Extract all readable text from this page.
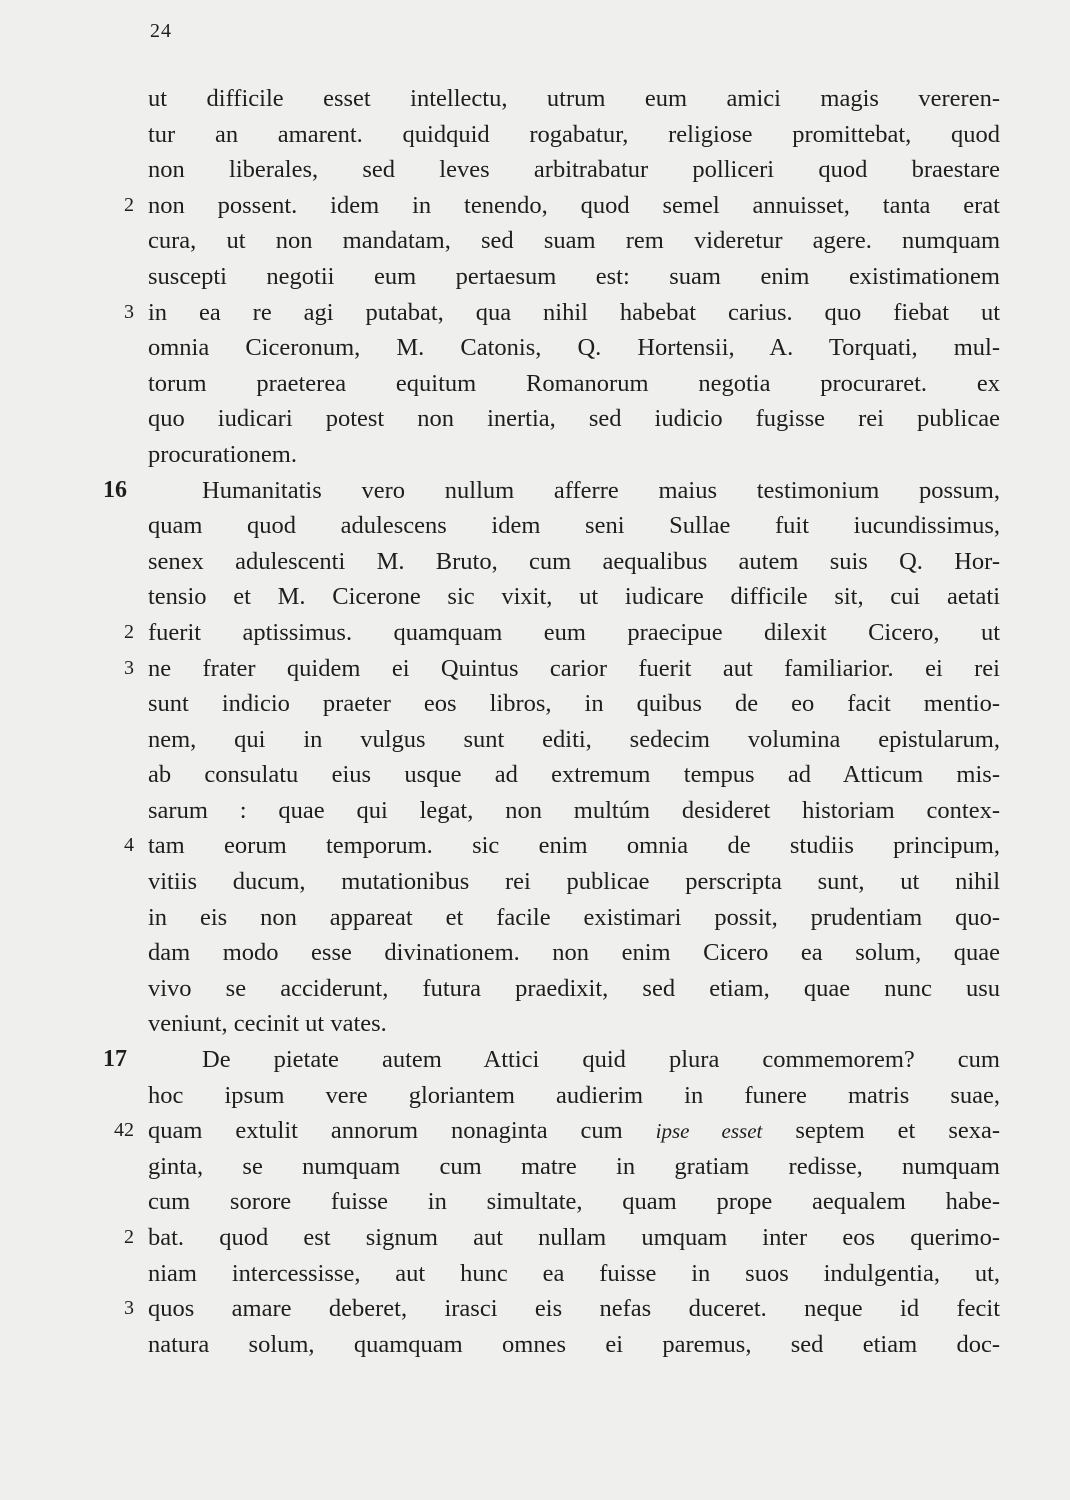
24
ut difficile esset intellectu, utrum eum amici magis vereren-
tur an amarent. quidquid rogabatur, religiose promittebat, quod
non liberales, sed leves arbitrabatur polliceri quod braestare
2 non possent. idem in tenendo, quod semel annuisset, tanta erat
cura, ut non mandatam, sed suam rem videretur agere. numquam
suscepti negotii eum pertaesum est: suam enim existimationem
3 in ea re agi putabat, qua nihil habebat carius. quo fiebat ut
omnia Ciceronum, M. Catonis, Q. Hortensii, A. Torquati, mul-
torum praeterea equitum Romanorum negotia procuraret. ex
quo iudicari potest non inertia, sed iudicio fugisse rei publicae
procurationem.
16	Humanitatis vero nullum afferre maius testimonium possum,
quam quod adulescens idem seni Sullae fuit iucundissimus,
senex adulescenti M. Bruto, cum aequalibus autem suis Q. Hor-
tensio et M. Cicerone sic vixit, ut iudicare difficile sit, cui aetati
2 fuerit aptissimus. quamquam eum praecipue dilexit Cicero, ut
3 ne frater quidem ei Quintus carior fuerit aut familiarior. ei rei
sunt indicio praeter eos libros, in quibus de eo facit mentio-
nem, qui in vulgus sunt editi, sedecim volumina epistularum,
ab consulatu eius usque ad extremum tempus ad Atticum mis-
sarum : quae qui legat, non multúm desideret historiam contex-
4 tam eorum temporum. sic enim omnia de studiis principum,
vitiis ducum, mutationibus rei publicae perscripta sunt, ut nihil
in eis non appareat et facile existimari possit, prudentiam quo-
dam modo esse divinationem. non enim Cicero ea solum, quae
vivo se acciderunt, futura praedixit, sed etiam, quae nunc usu
veniunt, cecinit ut vates.
17	De pietate autem Attici quid plura commemorem? cum
hoc ipsum vere gloriantem audierim in funere matris suae,
42 quam extulit annorum nonaginta cum ipse esset septem et sexa-
ginta, se numquam cum matre in gratiam redisse, numquam
cum sorore fuisse in simultate, quam prope aequalem habe-
2 bat. quod est signum aut nullam umquam inter eos querimo-
niam intercessisse, aut hunc ea fuisse in suos indulgentia, ut,
3 quos amare deberet, irasci eis nefas duceret. neque id fecit
natura solum, quamquam omnes ei paremus, sed etiam doc-
